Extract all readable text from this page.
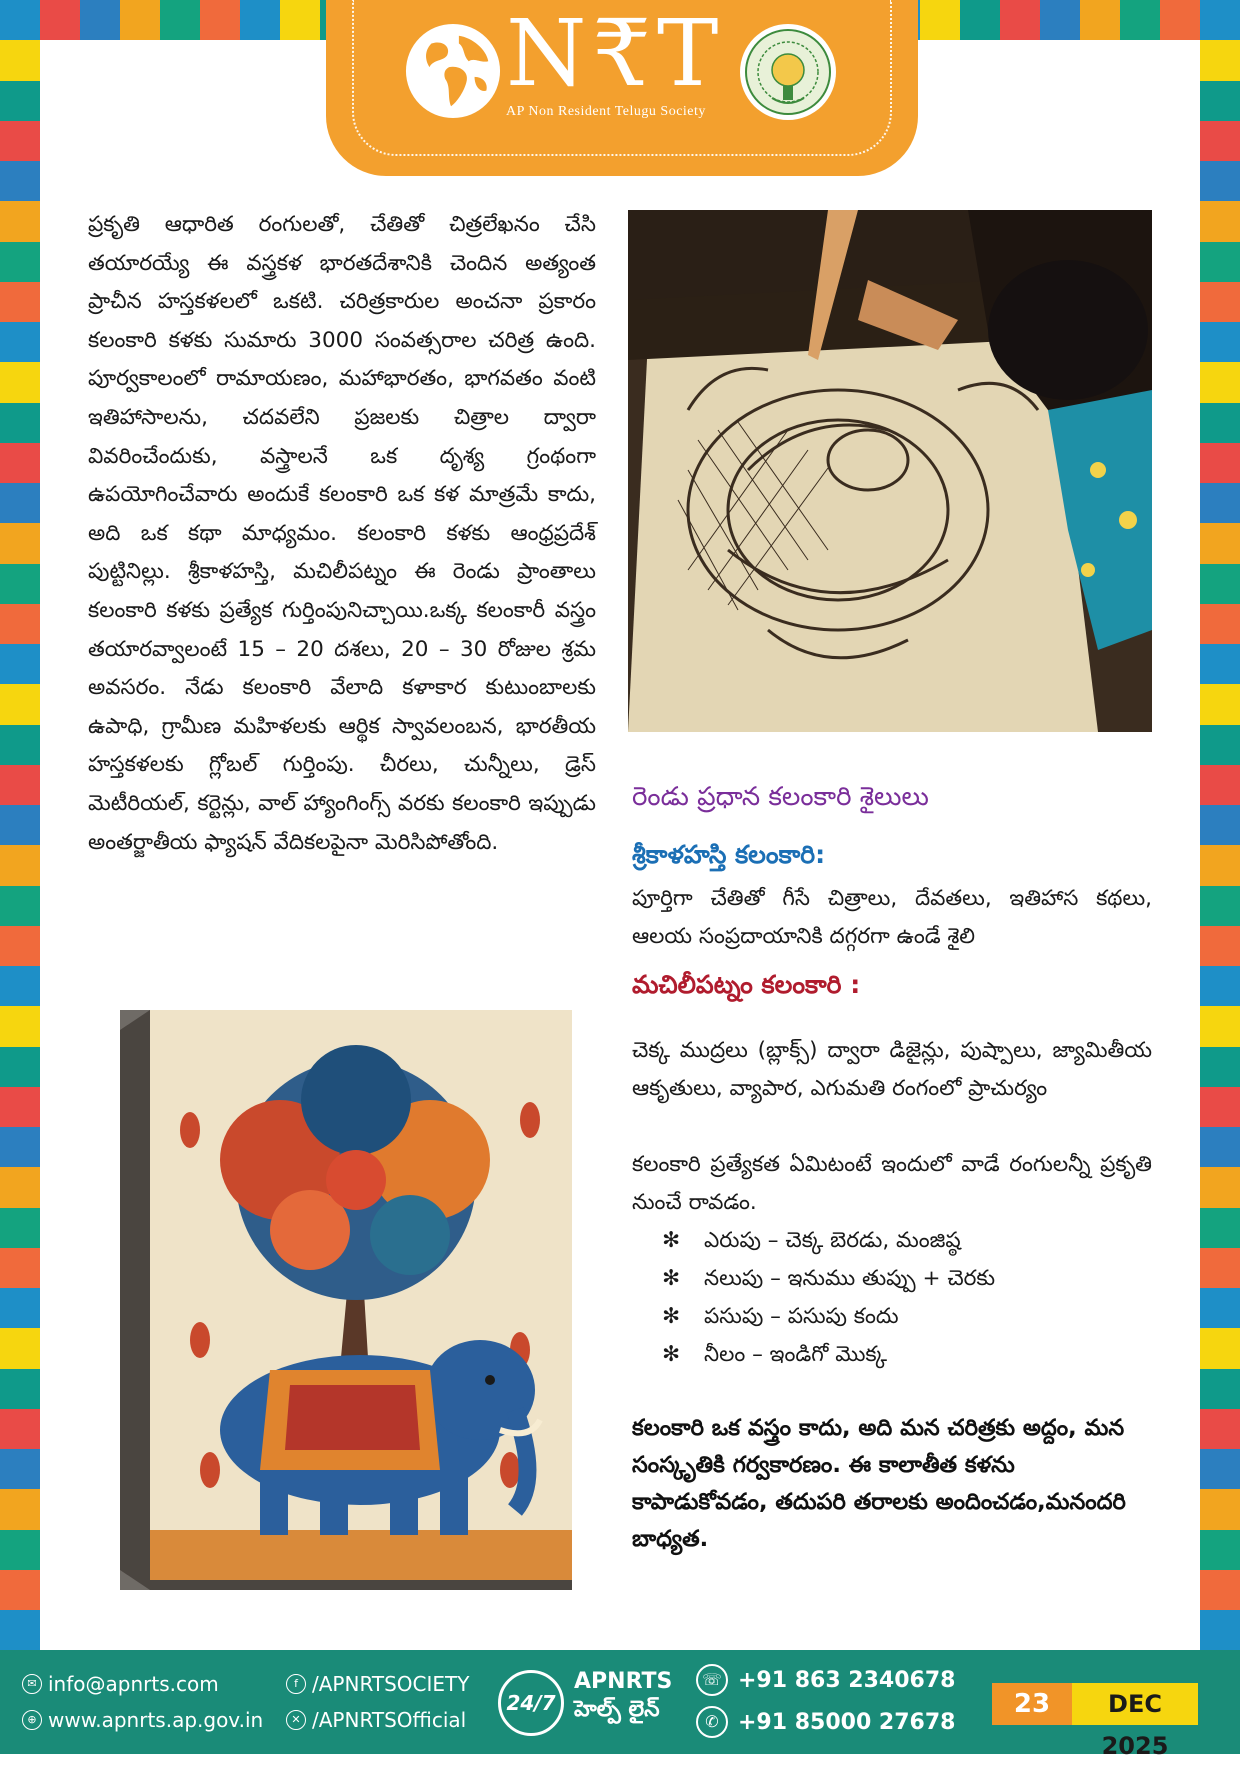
N₹T
AP Non Resident Telugu Society

ప్రకృతి ఆధారిత రంగులతో, చేతితో చిత్రలేఖనం చేసి తయారయ్యే ఈ వస్త్రకళ భారతదేశానికి చెందిన అత్యంత ప్రాచీన హస్తకళలలో ఒకటి. చరిత్రకారుల అంచనా ప్రకారం కలంకారి కళకు సుమారు 3000 సంవత్సరాల చరిత్ర ఉంది. పూర్వకాలంలో రామాయణం, మహాభారతం, భాగవతం వంటి ఇతిహాసాలను, చదవలేని ప్రజలకు చిత్రాల ద్వారా వివరించేందుకు, వస్త్రాలనే ఒక దృశ్య గ్రంథంగా ఉపయోగించేవారు అందుకే కలంకారి ఒక కళ మాత్రమే కాదు, అది ఒక కథా మాధ్యమం. కలంకారి కళకు ఆంధ్రప్రదేశ్ పుట్టినిల్లు. శ్రీకాళహస్తి, మచిలీపట్నం ఈ రెండు ప్రాంతాలు కలంకారి కళకు ప్రత్యేక గుర్తింపునిచ్చాయి.ఒక్క కలంకారీ వస్త్రం తయారవ్వాలంటే 15 – 20 దశలు, 20 – 30 రోజుల శ్రమ అవసరం. నేడు కలంకారి వేలాది కళాకార కుటుంబాలకు ఉపాధి, గ్రామీణ మహిళలకు ఆర్థిక స్వావలంబన, భారతీయ హస్తకళలకు గ్లోబల్ గుర్తింపు. చీరలు, చున్నీలు, డ్రెస్ మెటీరియల్, కర్టెన్లు, వాల్ హ్యాంగింగ్స్ వరకు కలంకారి ఇప్పుడు అంతర్జాతీయ ఫ్యాషన్ వేదికలపైనా మెరిసిపోతోంది.

రెండు ప్రధాన కలంకారి శైలులు
శ్రీకాళహస్తి కలంకారి:

పూర్తిగా చేతితో గీసే చిత్రాలు, దేవతలు, ఇతిహాస కథలు, ఆలయ సంప్రదాయానికి దగ్గరగా ఉండే శైలి

మచిలీపట్నం కలంకారి :

చెక్క ముద్రలు (బ్లాక్స్) ద్వారా డిజైన్లు, పుష్పాలు, జ్యామితీయ ఆకృతులు, వ్యాపార, ఎగుమతి రంగంలో ప్రాచుర్యం

కలంకారి ప్రత్యేకత ఏమిటంటే ఇందులో వాడే రంగులన్నీ ప్రకృతి నుంచే రావడం.

✻	ఎరుపు – చెక్క బెరడు, మంజిష్ఠ
✻	నలుపు – ఇనుము తుప్పు + చెరకు
✻	పసుపు – పసుపు కందు
✻	నీలం – ఇండిగో మొక్క

కలంకారి ఒక వస్త్రం కాదు, అది మన చరిత్రకు అద్దం, మన సంస్కృతికి గర్వకారణం. ఈ కాలాతీత కళను కాపాడుకోవడం, తదుపరి తరాలకు అందించడం,మనందరి బాధ్యత.

✉ info@apnrts.com
⊕ www.apnrts.ap.gov.in
f /APNRTSOCIETY
✕ /APNRTSOfficial
24/7
APNRTS
హెల్ప్ లైన్
☏ +91 863 2340678
✆ +91 85000 27678
23	DEC 2025
